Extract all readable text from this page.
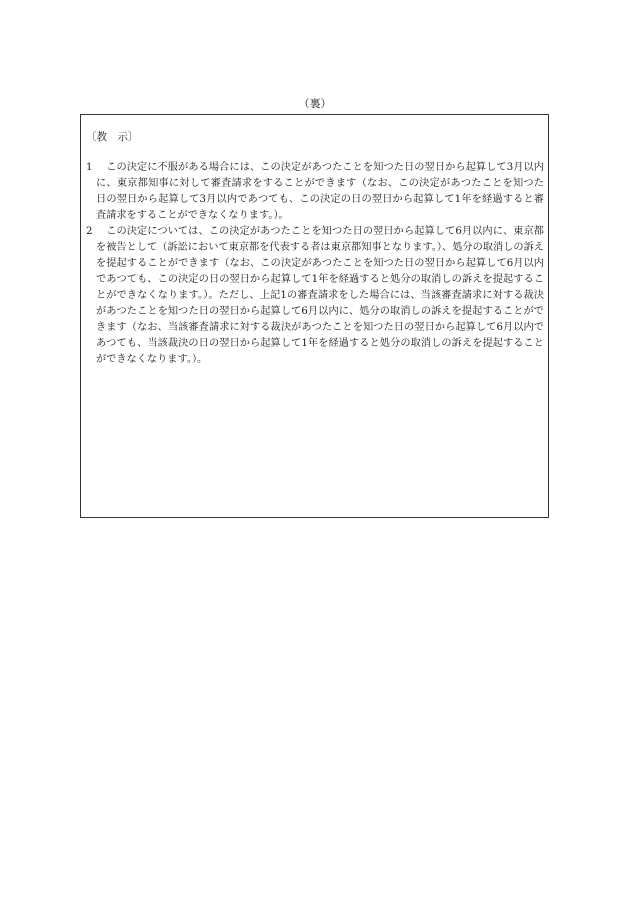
（裏）
〔教　示〕
1	この決定に不服がある場合には、この決定があつたことを知つた日の翌日から起算して3月以内に、東京都知事に対して審査請求をすることができます（なお、この決定があつたことを知つた日の翌日から起算して3月以内であつても、この決定の日の翌日から起算して1年を経過すると審査請求をすることができなくなります。）。
2	この決定については、この決定があつたことを知つた日の翌日から起算して6月以内に、東京都を被告として（訴訟において東京都を代表する者は東京都知事となります。）、処分の取消しの訴えを提起することができます（なお、この決定があつたことを知つた日の翌日から起算して6月以内であつても、この決定の日の翌日から起算して1年を経過すると処分の取消しの訴えを提起することができなくなります。）。ただし、上記1の審査請求をした場合には、当該審査請求に対する裁決があつたことを知つた日の翌日から起算して6月以内に、処分の取消しの訴えを提起することができます（なお、当該審査請求に対する裁決があつたことを知つた日の翌日から起算して6月以内であつても、当該裁決の日の翌日から起算して1年を経過すると処分の取消しの訴えを提起することができなくなります。）。
